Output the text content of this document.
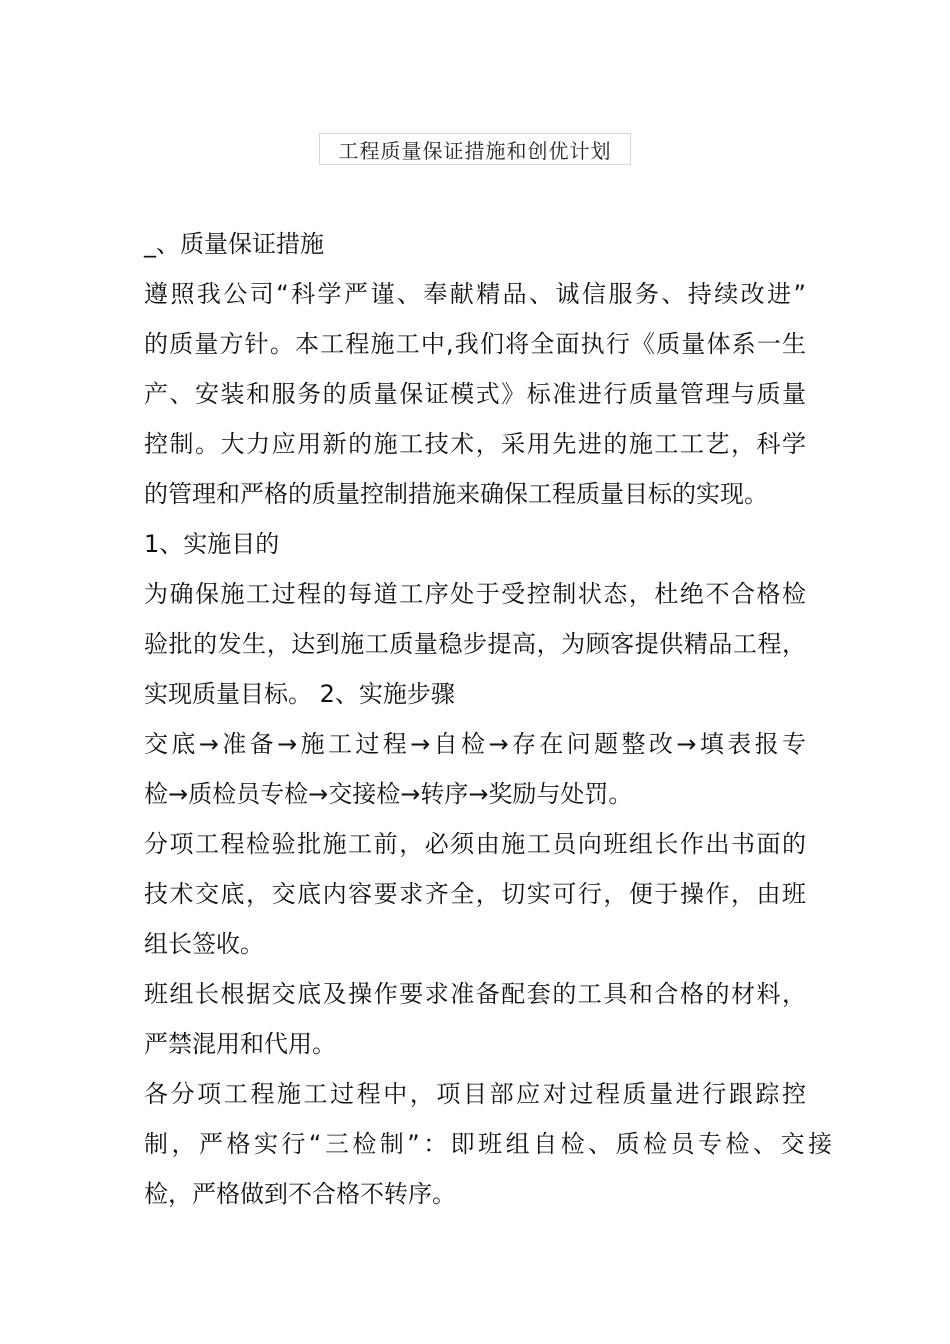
工程质量保证措施和创优计划
_、质量保证措施
遵照我公司“科学严谨、奉献精品、诚信服务、持续改进”
的质量方针。本工程施工中,我们将全面执行《质量体系一生
产、安装和服务的质量保证模式》标准进行质量管理与质量
控制。大力应用新的施工技术，采用先进的施工工艺，科学
的管理和严格的质量控制措施来确保工程质量目标的实现。
1、实施目的
为确保施工过程的每道工序处于受控制状态，杜绝不合格检
验批的发生，达到施工质量稳步提高，为顾客提供精品工程，
实现质量目标。 2、实施步骤
交底→准备→施工过程→自检→存在问题整改→填表报专
检→质检员专检→交接检→转序→奖励与处罚。
分项工程检验批施工前，必须由施工员向班组长作出书面的
技术交底，交底内容要求齐全，切实可行，便于操作，由班
组长签收。
班组长根据交底及操作要求准备配套的工具和合格的材料，
严禁混用和代用。
各分项工程施工过程中，项目部应对过程质量进行跟踪控
制，严格实行“三检制”：即班组自检、质检员专检、交接
检，严格做到不合格不转序。
